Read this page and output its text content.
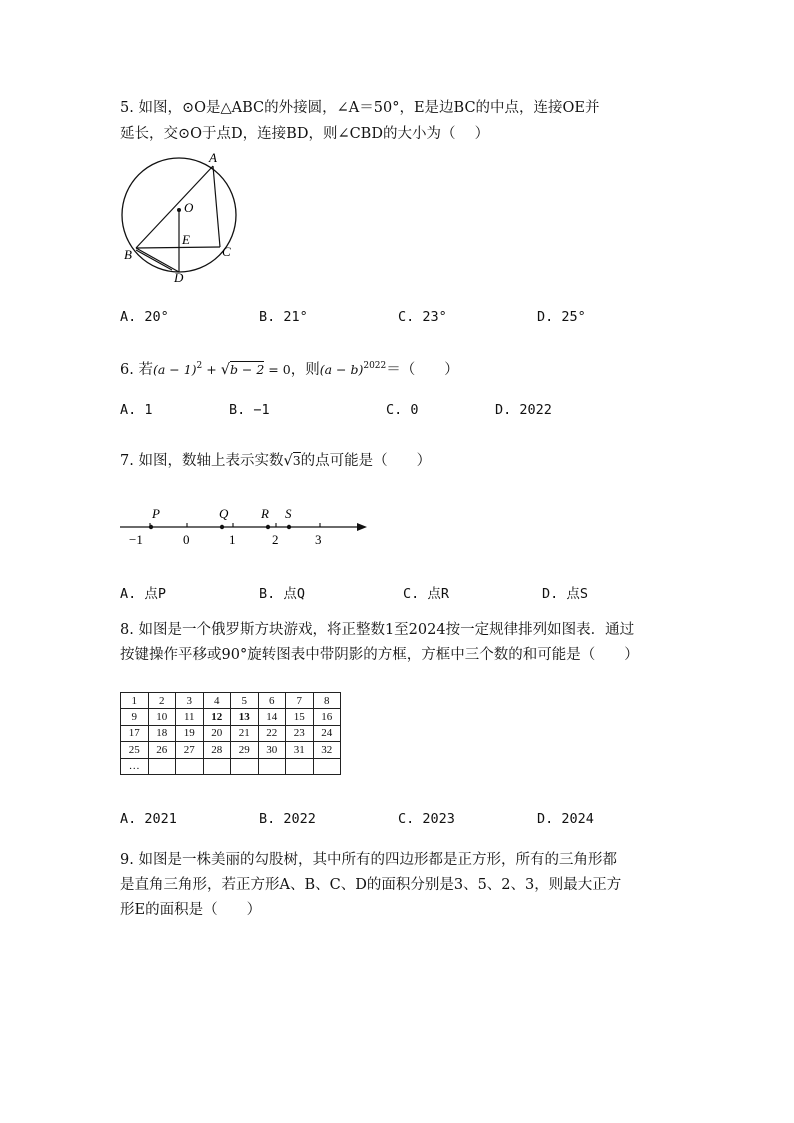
5. 如图，⊙O是△ABC的外接圆，∠A＝50°，E是边BC的中点，连接OE并
延长，交⊙O于点D，连接BD，则∠CBD的大小为（　 ）
A
O
E
B	C
D
A. 20°	B. 21°	C. 23°	D. 25°
6. 若$(a - 1)^2 + √b - 2 = 0$，则$(a - b)^{2022}=$（　　）
A. 1	B. −1	C. 0	D. 2022
7. 如图，数轴上表示实数√3的点可能是（　　）
P	Q	R S
−1	0	1	2	3
A. 点P	B. 点Q	C. 点R	D. 点S
8. 如图是一个俄罗斯方块游戏，将正整数1至2024按一定规律排列如图表．通过
按键操作平移或90°旋转图表中带阴影的方框，方框中三个数的和可能是（　　）
1	2	3	4	5	6	7	8
9	10	11	12	13	14	15	16
17	18	19	20	21	22	23	24
25	26	27	28	29	30	31	32
…							
A. 2021	B. 2022	C. 2023	D. 2024
9. 如图是一株美丽的勾股树，其中所有的四边形都是正方形，所有的三角形都
是直角三角形，若正方形A、B、C、D的面积分别是3、5、2、3，则最大正方
形E的面积是（　　）
